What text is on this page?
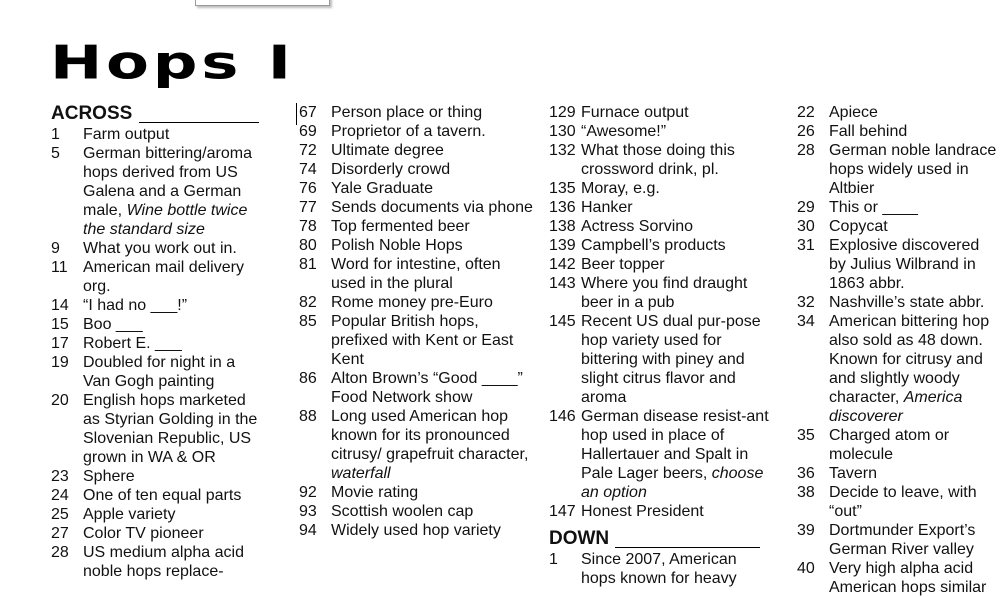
Hops I
ACROSS
1	Farm output
5	German bittering/aroma hops derived from US Galena and a German male, Wine bottle twice the standard size
9	What you work out in.
11 American mail delivery org.
14 “I had no ___!”
15 Boo ___
17 Robert E. ___
19 Doubled for night in a Van Gogh painting
20 English hops marketed as Styrian Golding in the Slovenian Republic, US grown in WA & OR
23 Sphere
24 One of ten equal parts
25 Apple variety
27 Color TV pioneer
28 US medium alpha acid noble hops replace-
67 Person place or thing
69 Proprietor of a tavern.
72 Ultimate degree
74 Disorderly crowd
76 Yale Graduate
77 Sends documents via phone
78 Top fermented beer
80 Polish Noble Hops
81 Word for intestine, often used in the plural
82 Rome money pre-Euro
85 Popular British hops, prefixed with Kent or East Kent
86 Alton Brown’s “Good ____” Food Network show
88 Long used American hop known for its pronounced citrusy/ grapefruit character, waterfall
92 Movie rating
93 Scottish woolen cap
94 Widely used hop variety
129 Furnace output
130 “Awesome!”
132 What those doing this crossword drink, pl.
135 Moray, e.g.
136 Hanker
138 Actress Sorvino
139 Campbell’s products
142 Beer topper
143 Where you find draught beer in a pub
145 Recent US dual pur-pose hop variety used for bittering with piney and slight citrus flavor and aroma
146 German disease resist-ant hop used in place of Hallertauer and Spalt in Pale Lager beers, choose an option
147 Honest President
DOWN
1	Since 2007, American hops known for heavy
22 Apiece
26 Fall behind
28 German noble landrace hops widely used in Altbier
29 This or ____
30 Copycat
31 Explosive discovered by Julius Wilbrand in 1863 abbr.
32 Nashville’s state abbr.
34 American bittering hop also sold as 48 down. Known for citrusy and and slightly woody character, America discoverer
35 Charged atom or molecule
36 Tavern
38 Decide to leave, with “out”
39 Dortmunder Export’s German River valley
40 Very high alpha acid American hops similar
